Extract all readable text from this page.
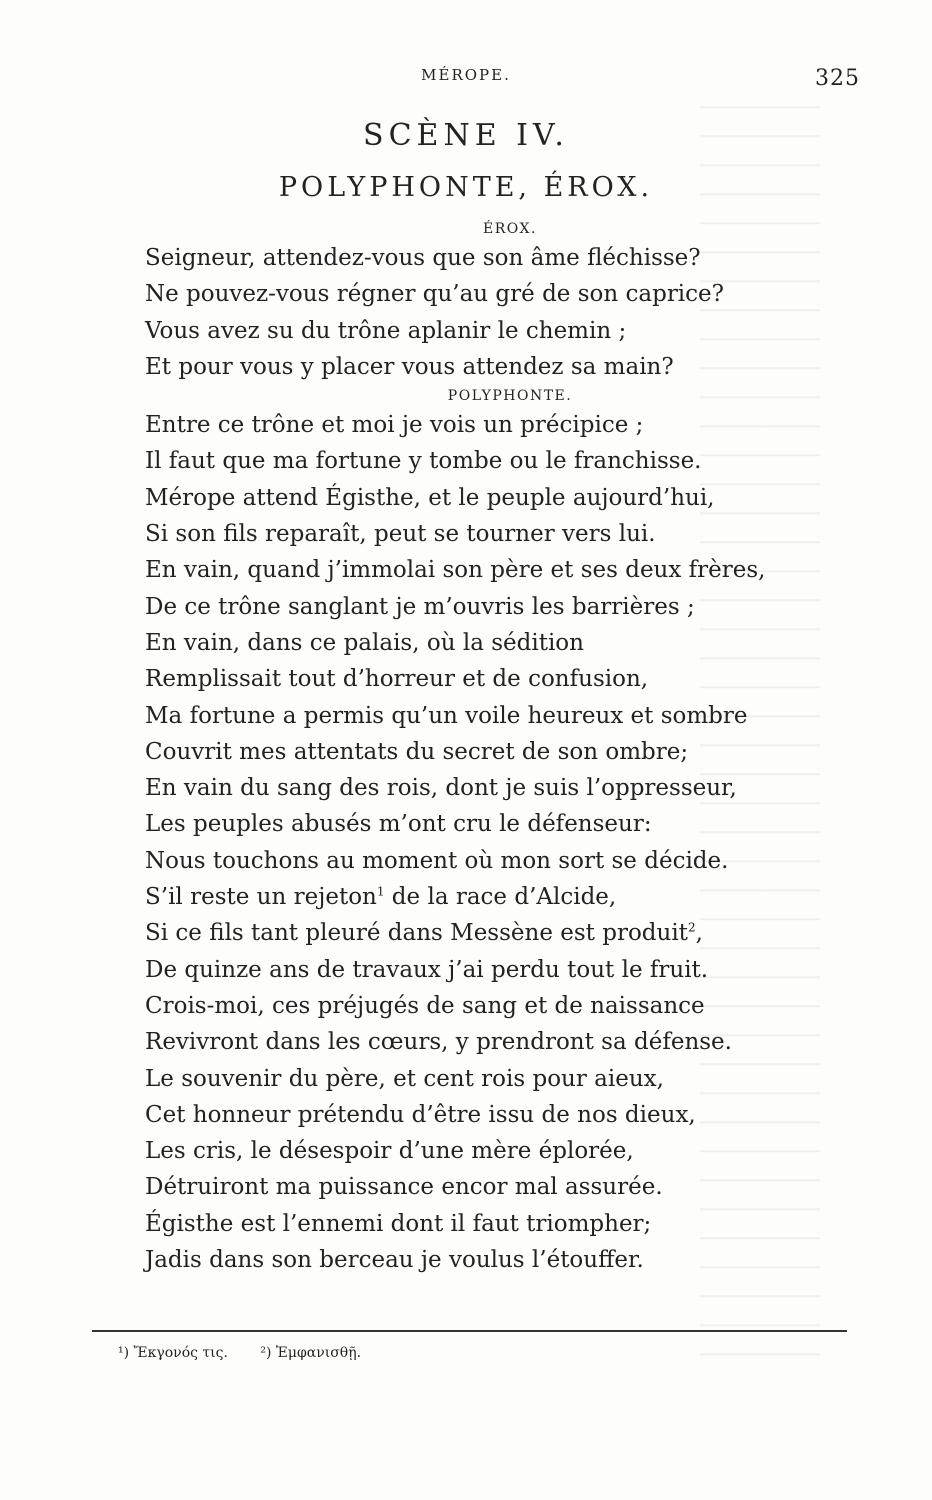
MÉROPE.	325
SCÈNE IV.
POLYPHONTE, ÉROX.
ÉROX.
Seigneur, attendez-vous que son âme fléchisse?
Ne pouvez-vous régner qu’au gré de son caprice?
Vous avez su du trône aplanir le chemin ;
Et pour vous y placer vous attendez sa main?
POLYPHONTE.
Entre ce trône et moi je vois un précipice ;
Il faut que ma fortune y tombe ou le franchisse.
Mérope attend Égisthe, et le peuple aujourd’hui,
Si son fils reparaît, peut se tourner vers lui.
En vain, quand j’immolai son père et ses deux frères,
De ce trône sanglant je m’ouvris les barrières ;
En vain, dans ce palais, où la sédition
Remplissait tout d’horreur et de confusion,
Ma fortune a permis qu’un voile heureux et sombre
Couvrit mes attentats du secret de son ombre;
En vain du sang des rois, dont je suis l’oppresseur,
Les peuples abusés m’ont cru le défenseur:
Nous touchons au moment où mon sort se décide.
S’il reste un rejeton$^1$ de la race d’Alcide,
Si ce fils tant pleuré dans Messène est produit$^2$,
De quinze ans de travaux j’ai perdu tout le fruit.
Crois-moi, ces préjugés de sang et de naissance
Revivront dans les cœurs, y prendront sa défense.
Le souvenir du père, et cent rois pour aieux,
Cet honneur prétendu d’être issu de nos dieux,
Les cris, le désespoir d’une mère éplorée,
Détruiront ma puissance encor mal assurée.
Égisthe est l’ennemi dont il faut triompher;
Jadis dans son berceau je voulus l’étouffer.
¹) Ἔκγονός τις. ²) Ἐμφανισθῇ.
